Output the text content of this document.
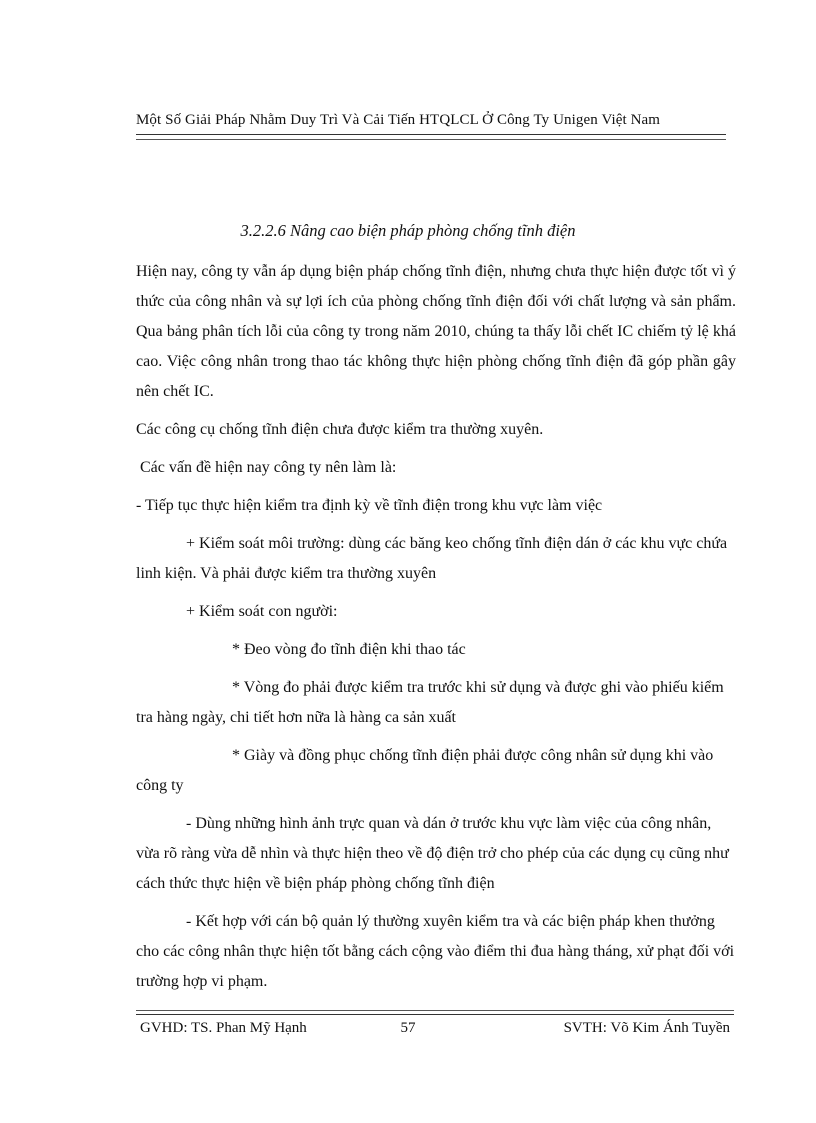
Một Số Giải Pháp Nhằm Duy Trì Và Cải Tiến HTQLCL Ở Công Ty Unigen Việt Nam
3.2.2.6 Nâng cao biện pháp phòng chống tĩnh điện

Hiện nay, công ty vẫn áp dụng biện pháp chống tĩnh điện, nhưng chưa thực hiện được tốt vì ý thức của công nhân và sự lợi ích của phòng chống tĩnh điện đối với chất lượng và sản phẩm. Qua bảng phân tích lỗi của công ty trong năm 2010, chúng ta thấy lỗi chết IC chiếm tỷ lệ khá cao. Việc công nhân trong thao tác không thực hiện phòng chống tĩnh điện đã góp phần gây nên chết IC.

Các công cụ chống tĩnh điện chưa được kiểm tra thường xuyên.

Các vấn đề hiện nay công ty nên làm là:

- Tiếp tục thực hiện kiểm tra định kỳ về tĩnh điện trong khu vực làm việc

+ Kiểm soát môi trường: dùng các băng keo chống tĩnh điện dán ở các khu vực chứa linh kiện. Và phải được kiểm tra thường xuyên

+ Kiểm soát con người:

* Đeo vòng đo tĩnh điện khi thao tác

* Vòng đo phải được kiểm tra trước khi sử dụng và được ghi vào phiếu kiểm tra hàng ngày, chi tiết hơn nữa là hàng ca sản xuất

* Giày và đồng phục chống tĩnh điện phải được công nhân sử dụng khi vào công ty

- Dùng những hình ảnh trực quan và dán ở trước khu vực làm việc của công nhân, vừa rõ ràng vừa dễ nhìn và thực hiện theo về độ điện trở cho phép của các dụng cụ cũng như cách thức thực hiện về biện pháp phòng chống tĩnh điện

- Kết hợp với cán bộ quản lý thường xuyên kiểm tra và các biện pháp khen thưởng cho các công nhân thực hiện tốt bằng cách cộng vào điểm thi đua hàng tháng, xử phạt đối với trường hợp vi phạm.

GVHD: TS. Phan Mỹ Hạnh	57	SVTH: Võ Kim Ánh Tuyền
